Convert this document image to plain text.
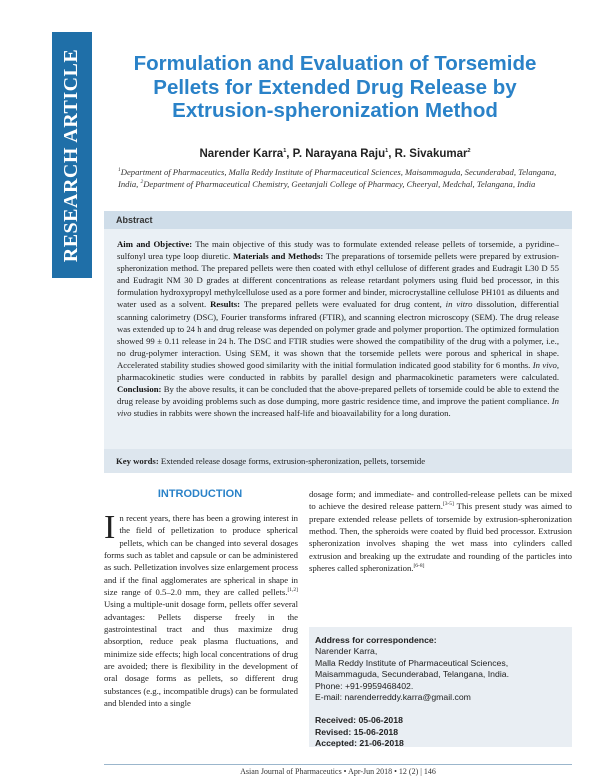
RESEARCH ARTICLE	Formulation and Evaluation of Torsemide Pellets for Extended Drug Release by Extrusion-spheronization Method
Narender Karra$^1$, P. Narayana Raju$^1$, R. Sivakumar$^2$
$^1$Department of Pharmaceutics, Malla Reddy Institute of Pharmaceutical Sciences, Maisammaguda, Secunderabad, Telangana, India, $^2$Department of Pharmaceutical Chemistry, Geetanjali College of Pharmacy, Cheeryal, Medchal, Telangana, India
Abstract

Aim and Objective: The main objective of this study was to formulate extended release pellets of torsemide, a pyridine–sulfonyl urea type loop diuretic. Materials and Methods: The preparations of torsemide pellets were prepared by extrusion-spheronization method. The prepared pellets were then coated with ethyl cellulose of different grades and Eudragit L30 D 55 and Eudragit NM 30 D grades at different concentrations as release retardant polymers using fluid bed processor, in this formulation hydroxypropyl methylcellulose used as a pore former and binder, microcrystalline cellulose PH101 as diluents and water used as a solvent. Results: The prepared pellets were evaluated for drug content, in vitro dissolution, differential scanning calorimetry (DSC), Fourier transforms infrared (FTIR), and scanning electron microscopy (SEM). The drug release was extended up to 24 h and drug release was depended on polymer grade and polymer proportion. The optimized formulation showed 99 ± 0.11 release in 24 h. The DSC and FTIR studies were showed the compatibility of the drug with a polymer, i.e., no drug-polymer interaction. Using SEM, it was shown that the torsemide pellets were porous and spherical in shape. Accelerated stability studies showed good similarity with the initial formulation indicated good stability for 6 months. In vivo, pharmacokinetic studies were conducted in rabbits by parallel design and pharmacokinetic parameters were calculated. Conclusion: By the above results, it can be concluded that the above-prepared pellets of torsemide could be able to extend the drug release by avoiding problems such as dose dumping, more gastric residence time, and improve the patient compliance. In vivo studies in rabbits were shown the increased half-life and bioavailability for a long duration.

Key words: Extended release dosage forms, extrusion-spheronization, pellets, torsemide
INTRODUCTION
In recent years, there has been a growing interest in the field of pelletization to produce spherical pellets, which can be changed into several dosages forms such as tablet and capsule or can be administered as such. Pelletization involves size enlargement process and if the final agglomerates are spherical in shape in size range of 0.5–2.0 mm, they are called pellets.[1,2] Using a multiple-unit dosage form, pellets offer several advantages: Pellets disperse freely in the gastrointestinal tract and thus maximize drug absorption, reduce peak plasma fluctuations, and minimize side effects; high local concentrations of drug are avoided; there is flexibility in the development of oral dosage forms as pellets, so different drug substances (e.g., incompatible drugs) can be formulated and blended into a single
dosage form; and immediate- and controlled-release pellets can be mixed to achieve the desired release pattern.[3-5] This present study was aimed to prepare extended release pellets of torsemide by extrusion-spheronization method. Then, the spheroids were coated by fluid bed processor. Extrusion spheronization involves shaping the wet mass into cylinders called extrusion and breaking up the extrudate and rounding of the particles into spheres called spheronization.[6-8]
Address for correspondence:
Narender Karra,
Malla Reddy Institute of Pharmaceutical Sciences,
Maisammaguda, Secunderabad, Telangana, India.
Phone: +91-9959468402.
E-mail: narenderreddy.karra@gmail.com
Received: 05-06-2018
Revised: 15-06-2018
Accepted: 21-06-2018
Asian Journal of Pharmaceutics • Apr-Jun 2018 • 12 (2) | 146
